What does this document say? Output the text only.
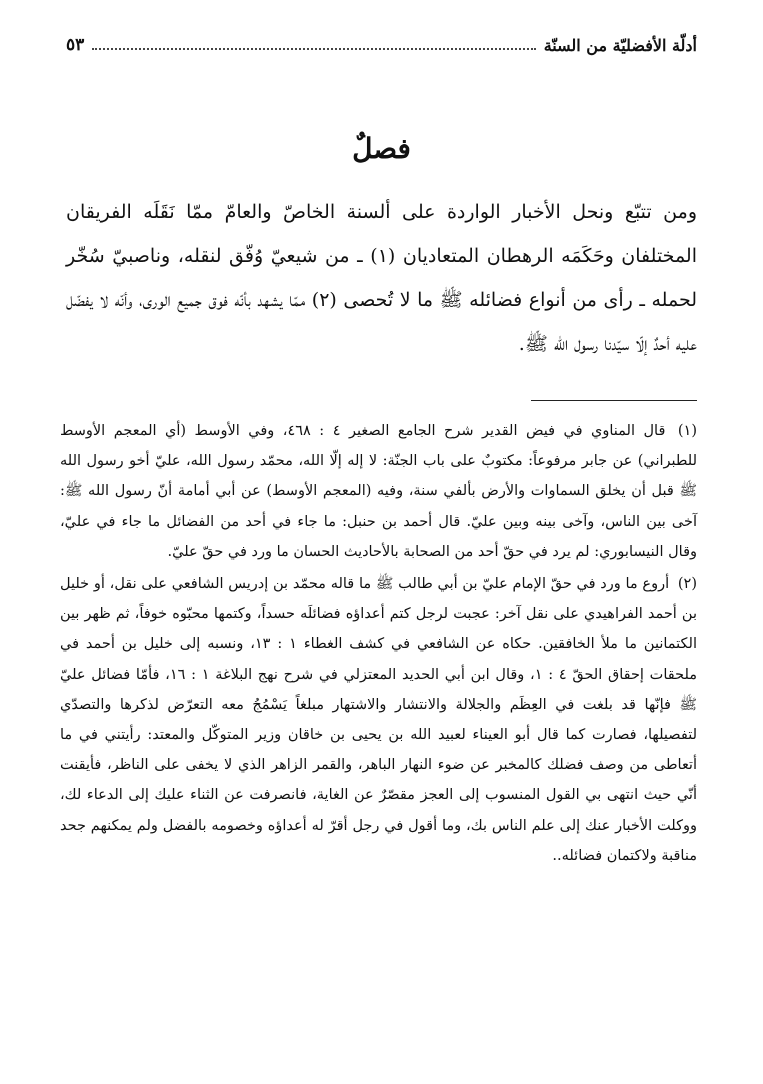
أدلّة الأفضليّة من السنّة
٥٣
فصلٌ

ومن تتبّع ونحل الأخبار الواردة على ألسنة الخاصّ والعامّ ممّا نَقَلَه الفريقان المختلفان وحَكَمَه الرهطان المتعاديان (١) ـ من شيعيّ وُفّق لنقله، وناصبيّ سُخّر لحمله ـ رأى من أنواع فضائله ﷺ ما لا تُحصى (٢) ممّا يشهد بأنّه فوق جميع الورى، وأنّه لا يفضّل عليه أحدٌ إلّا سيّدنا رسول الله ﷺ.

(١) قال المناوي في فيض القدير شرح الجامع الصغير ٤ : ٤٦٨، وفي الأوسط (أي المعجم الأوسط للطبراني) عن جابر مرفوعاً: مكتوبٌ على باب الجنّة: لا إله إلّا الله، محمّد رسول الله، عليّ أخو رسول الله ﷺ قبل أن يخلق السماوات والأرض بألفي سنة، وفيه (المعجم الأوسط) عن أبي أمامة أنّ رسول الله ﷺ: آخى بين الناس، وآخى بينه وبين عليّ. قال أحمد بن حنبل: ما جاء في أحد من الفضائل ما جاء في عليّ، وقال النيسابوري: لم يرد في حقّ أحد من الصحابة بالأحاديث الحسان ما ورد في حقّ عليّ.

(٢) أروع ما ورد في حقّ الإمام عليّ بن أبي طالب ﷺ ما قاله محمّد بن إدريس الشافعي على نقل، أو خليل بن أحمد الفراهيدي على نقل آخر: عجبت لرجل كتم أعداؤه فضائلَه حسداً، وكتمها محبّوه خوفاً، ثم ظهر بين الكتمانين ما ملأ الخافقين. حكاه عن الشافعي في كشف الغطاء ١ : ١٣، ونسبه إلى خليل بن أحمد في ملحقات إحقاق الحقّ ٤ : ١، وقال ابن أبي الحديد المعتزلي في شرح نهج البلاغة ١ : ١٦، فأمّا فضائل عليّ ﷺ فإنّها قد بلغت في العِظَم والجلالة والانتشار والاشتهار مبلغاً يَسْمُجُ معه التعرّض لذكرها والتصدّي لتفصيلها، فصارت كما قال أبو العيناء لعبيد الله بن يحيى بن خاقان وزير المتوكّل والمعتد: رأيتني في ما أتعاطى من وصف فضلك كالمخبر عن ضوء النهار الباهر، والقمر الزاهر الذي لا يخفى على الناظر، فأيقنت أنّي حيث انتهى بي القول المنسوب إلى العجز مقصّرٌ عن الغاية، فانصرفت عن الثناء عليك إلى الدعاء لك، ووكلت الأخبار عنك إلى علم الناس بك، وما أقول في رجل أقرّ له أعداؤه وخصومه بالفضل ولم يمكنهم جحد مناقبة ولاكتمان فضائله..
